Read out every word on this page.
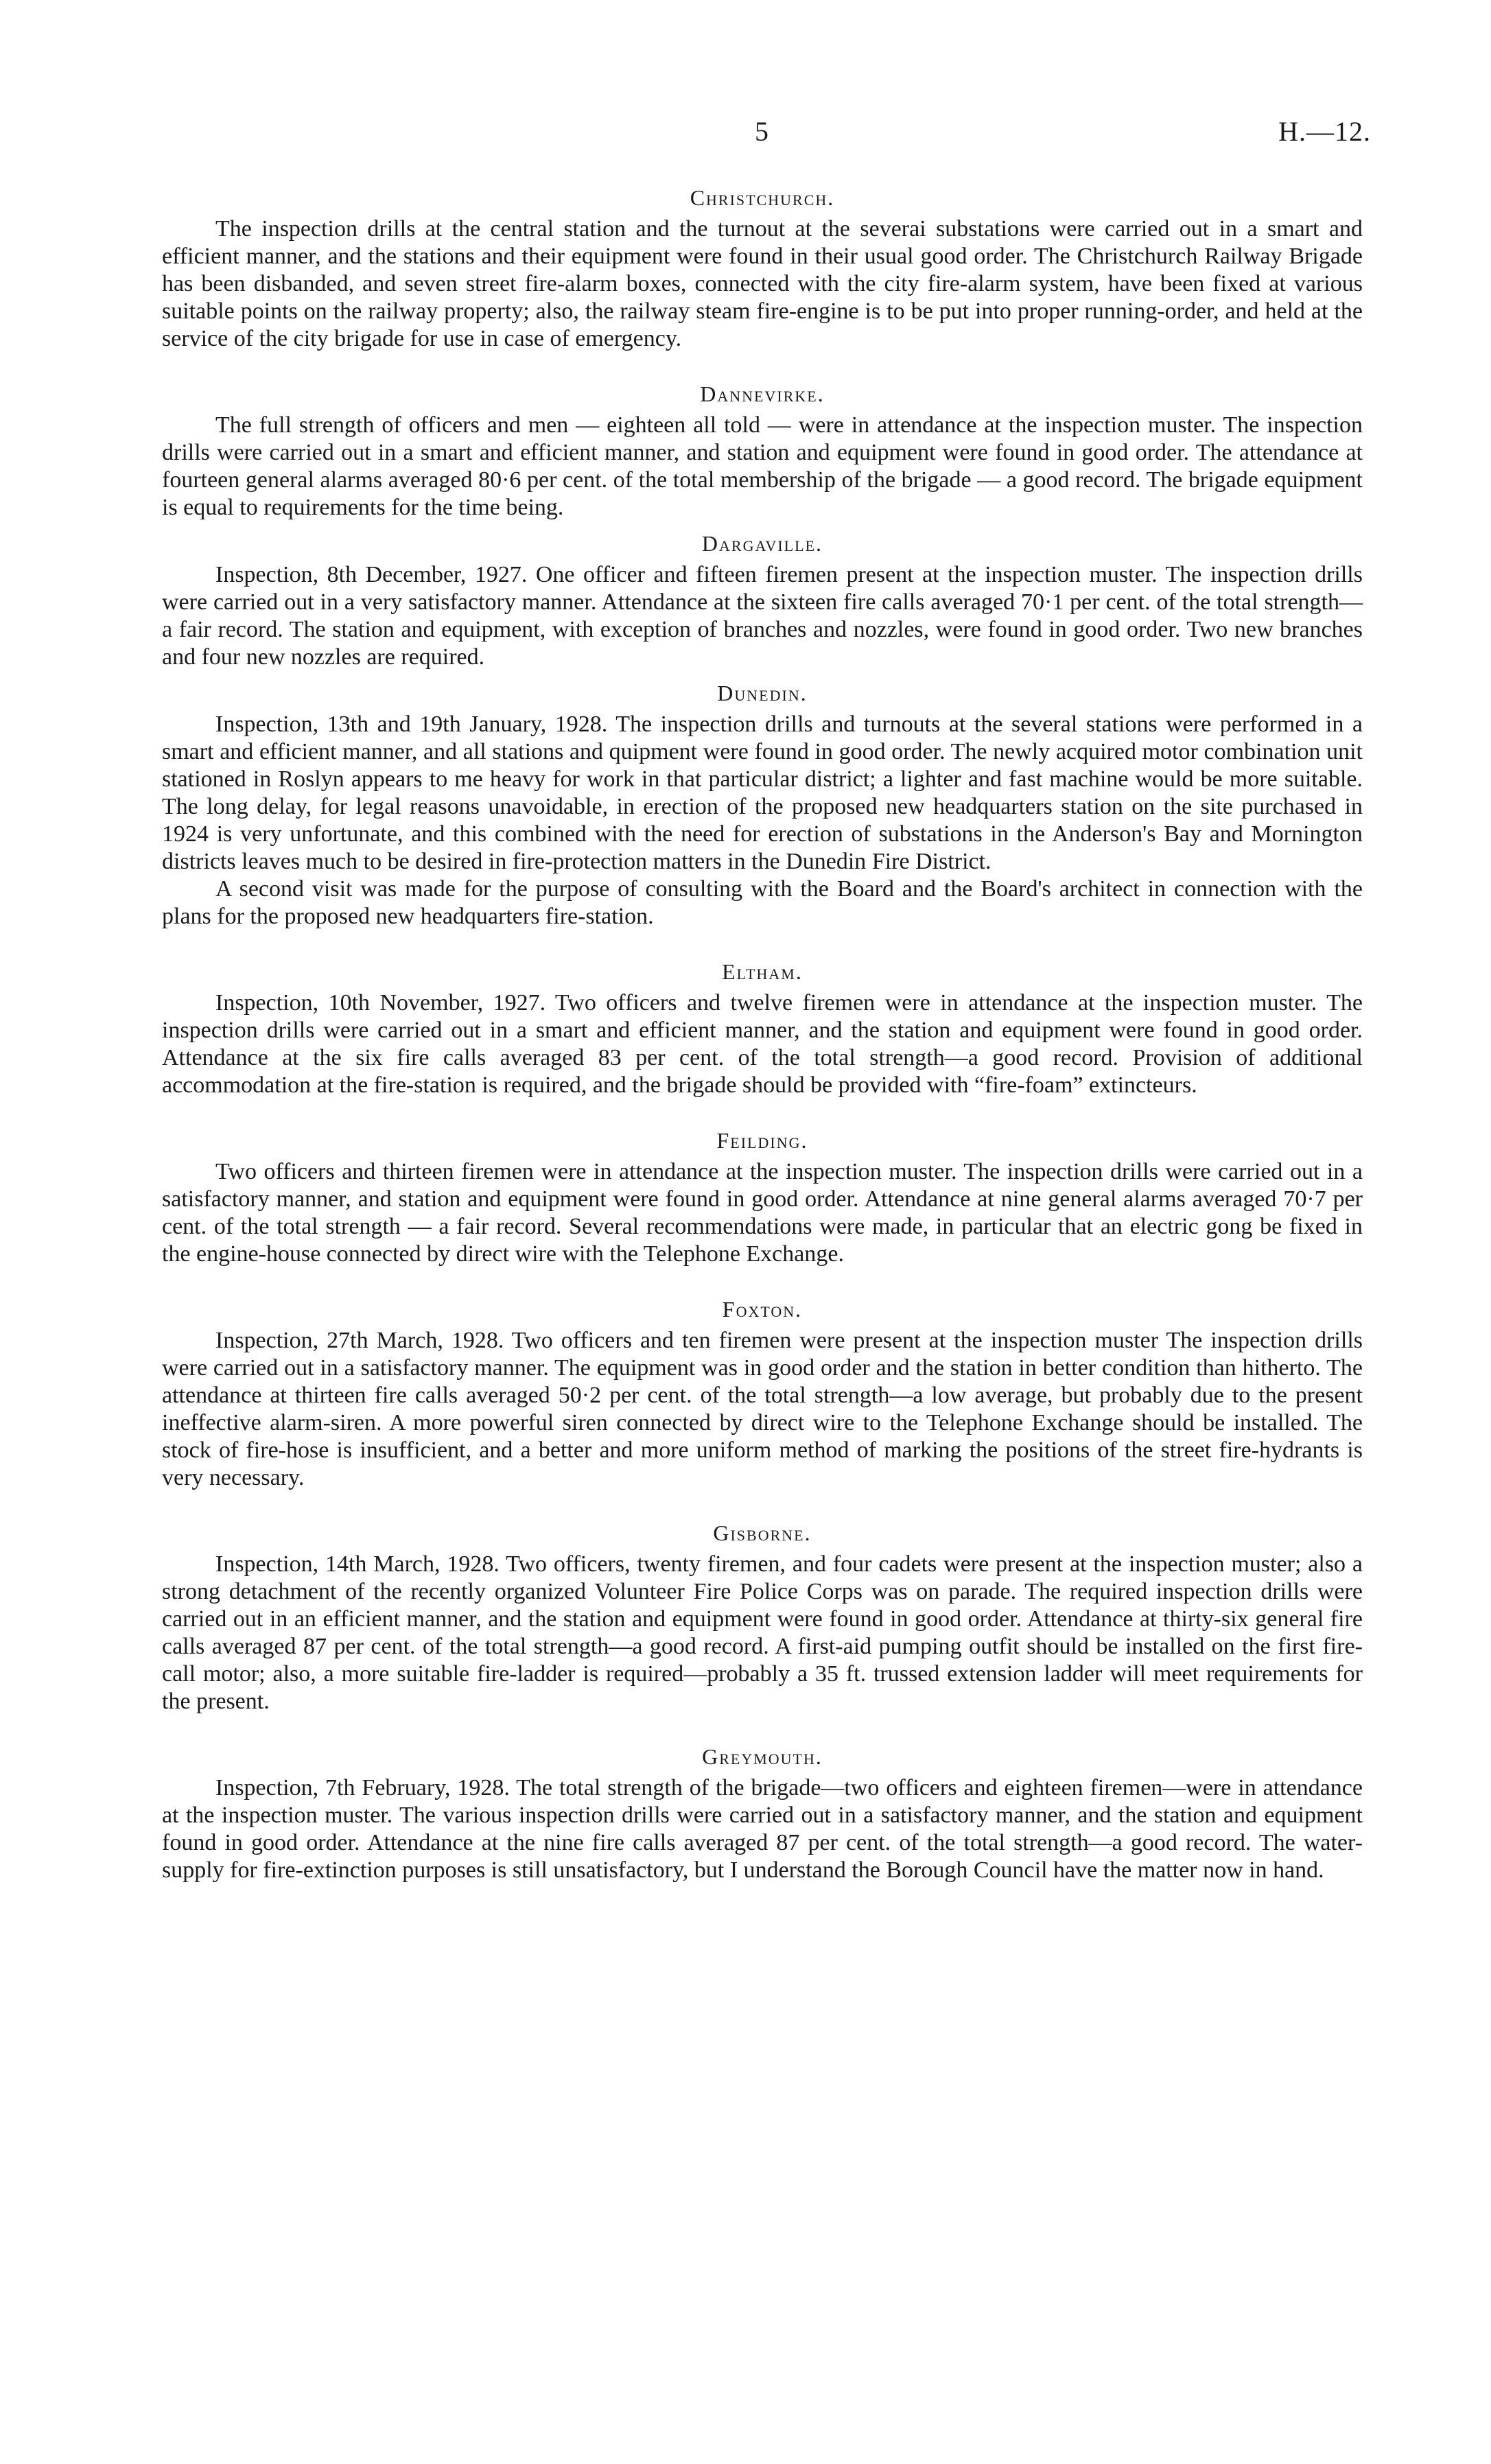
5	H.—12.
Christchurch.

The inspection drills at the central station and the turnout at the severai substations were carried out in a smart and efficient manner, and the stations and their equipment were found in their usual good order. The Christchurch Railway Brigade has been disbanded, and seven street fire-alarm boxes, connected with the city fire-alarm system, have been fixed at various suitable points on the railway property; also, the railway steam fire-engine is to be put into proper running-order, and held at the service of the city brigade for use in case of emergency.

Dannevirke.

The full strength of officers and men — eighteen all told — were in attendance at the inspection muster. The inspection drills were carried out in a smart and efficient manner, and station and equipment were found in good order. The attendance at fourteen general alarms averaged 80·6 per cent. of the total membership of the brigade — a good record. The brigade equipment is equal to requirements for the time being.

Dargaville.

Inspection, 8th December, 1927. One officer and fifteen firemen present at the inspection muster. The inspection drills were carried out in a very satisfactory manner. Attendance at the sixteen fire calls averaged 70·1 per cent. of the total strength—a fair record. The station and equipment, with exception of branches and nozzles, were found in good order. Two new branches and four new nozzles are required.

Dunedin.

Inspection, 13th and 19th January, 1928. The inspection drills and turnouts at the several stations were performed in a smart and efficient manner, and all stations and quipment were found in good order. The newly acquired motor combination unit stationed in Roslyn appears to me heavy for work in that particular district; a lighter and fast machine would be more suitable. The long delay, for legal reasons unavoidable, in erection of the proposed new headquarters station on the site purchased in 1924 is very unfortunate, and this combined with the need for erection of substations in the Anderson's Bay and Mornington districts leaves much to be desired in fire-protection matters in the Dunedin Fire District.

A second visit was made for the purpose of consulting with the Board and the Board's architect in connection with the plans for the proposed new headquarters fire-station.

Eltham.

Inspection, 10th November, 1927. Two officers and twelve firemen were in attendance at the inspection muster. The inspection drills were carried out in a smart and efficient manner, and the station and equipment were found in good order. Attendance at the six fire calls averaged 83 per cent. of the total strength—a good record. Provision of additional accommodation at the fire-station is required, and the brigade should be provided with “fire-foam” extincteurs.

Feilding.

Two officers and thirteen firemen were in attendance at the inspection muster. The inspection drills were carried out in a satisfactory manner, and station and equipment were found in good order. Attendance at nine general alarms averaged 70·7 per cent. of the total strength — a fair record. Several recommendations were made, in particular that an electric gong be fixed in the engine-house connected by direct wire with the Telephone Exchange.

Foxton.

Inspection, 27th March, 1928. Two officers and ten firemen were present at the inspection muster The inspection drills were carried out in a satisfactory manner. The equipment was in good order and the station in better condition than hitherto. The attendance at thirteen fire calls averaged 50·2 per cent. of the total strength—a low average, but probably due to the present ineffective alarm-siren. A more powerful siren connected by direct wire to the Telephone Exchange should be installed. The stock of fire-hose is insufficient, and a better and more uniform method of marking the positions of the street fire-hydrants is very necessary.

Gisborne.

Inspection, 14th March, 1928. Two officers, twenty firemen, and four cadets were present at the inspection muster; also a strong detachment of the recently organized Volunteer Fire Police Corps was on parade. The required inspection drills were carried out in an efficient manner, and the station and equipment were found in good order. Attendance at thirty-six general fire calls averaged 87 per cent. of the total strength—a good record. A first-aid pumping outfit should be installed on the first fire-call motor; also, a more suitable fire-ladder is required—probably a 35 ft. trussed extension ladder will meet requirements for the present.

Greymouth.

Inspection, 7th February, 1928. The total strength of the brigade—two officers and eighteen firemen—were in attendance at the inspection muster. The various inspection drills were carried out in a satisfactory manner, and the station and equipment found in good order. Attendance at the nine fire calls averaged 87 per cent. of the total strength—a good record. The water-supply for fire-extinction purposes is still unsatisfactory, but I understand the Borough Council have the matter now in hand.
